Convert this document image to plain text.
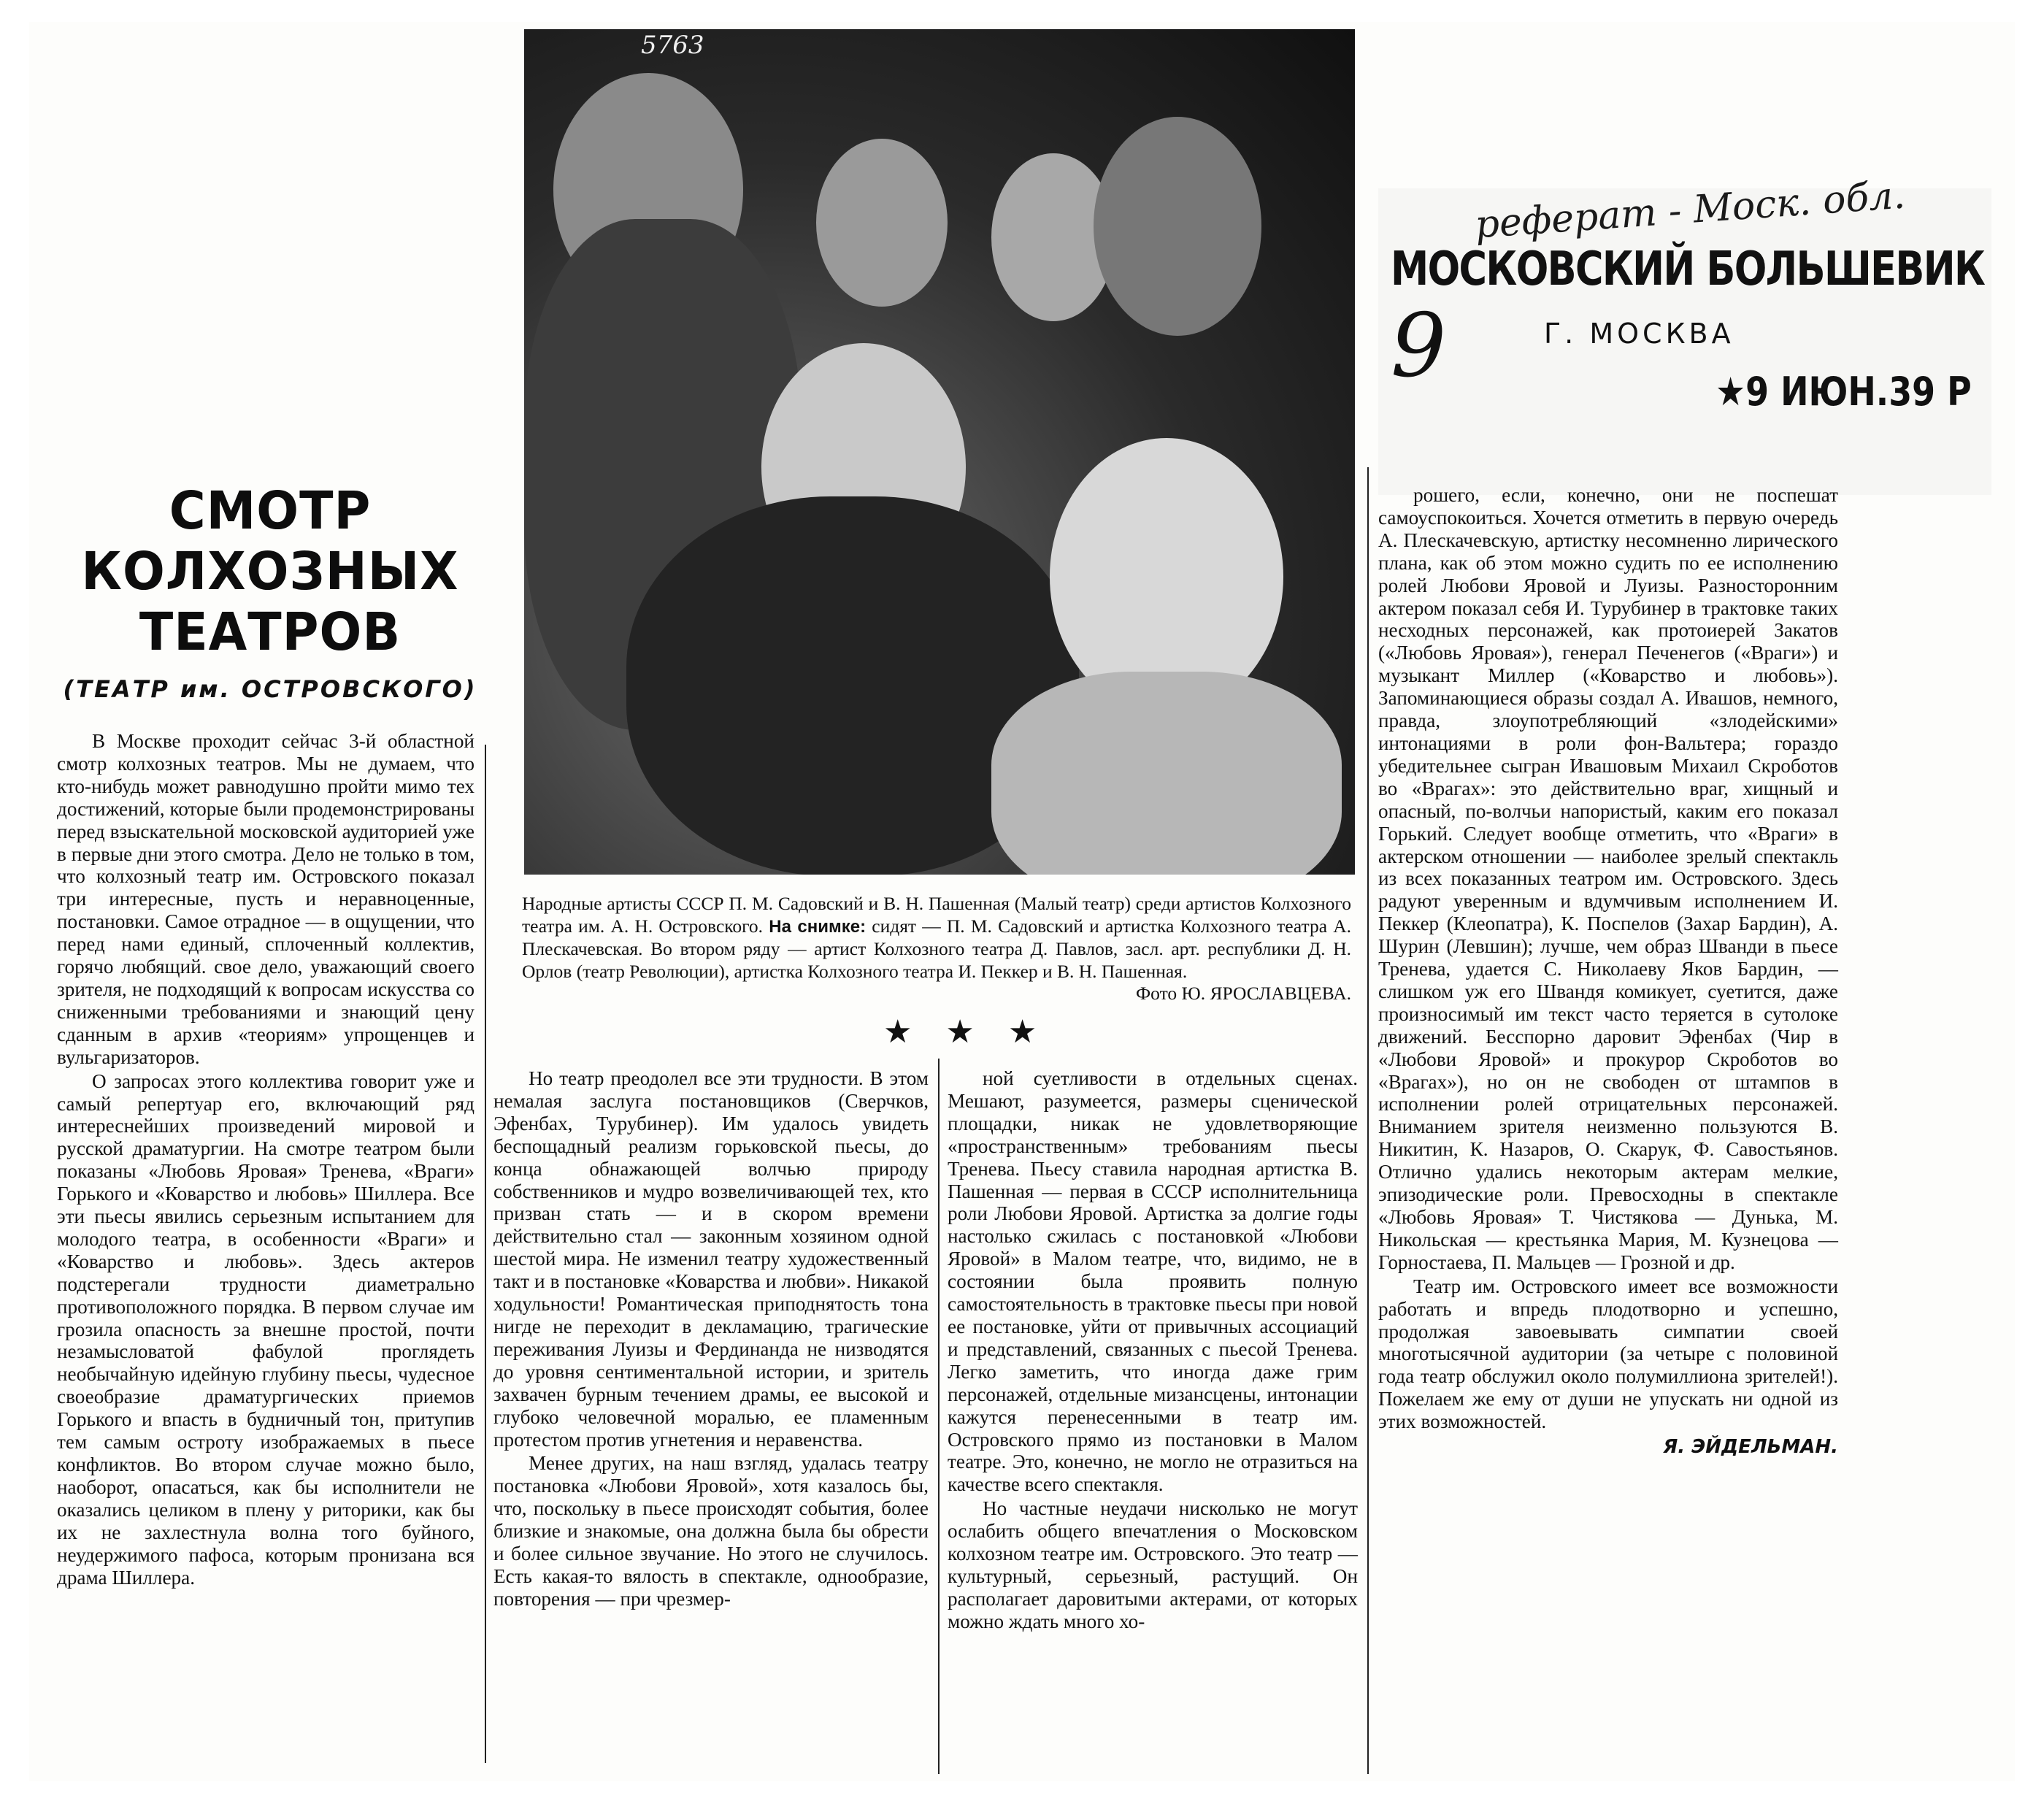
СМОТР
КОЛХОЗНЫХ
ТЕАТРОВ
(ТЕАТР им. ОСТРОВСКОГО)
5763
Народные артисты СССР П. М. Садовский и В. Н. Пашенная (Малый театр) среди артистов Колхозного театра им. А. Н. Островского. На снимке: сидят — П. М. Садовский и артистка Колхозного театра А. Плескачевская. Во втором ряду — артист Колхозного театра Д. Павлов, засл. арт. республики Д. Н. Орлов (театр Революции), артистка Колхозного театра И. Пеккер и В. Н. Пашенная.
Фото Ю. ЯРОСЛАВЦЕВА.
★ ★ ★
реферат - Моск. обл.
МОСКОВСКИЙ БОЛЬШЕВИК
9	Г. МОСКВА
★9 ИЮН.39 Р

В Москве проходит сейчас 3-й областной смотр колхозных театров. Мы не думаем, что кто-нибудь может равнодушно пройти мимо тех достижений, которые были продемонстрированы перед взыскательной московской аудиторией уже в первые дни этого смотра. Дело не только в том, что колхозный театр им. Островского показал три интересные, пусть и неравноценные, постановки. Самое отрадное — в ощущении, что перед нами единый, сплоченный коллектив, горячо любящий. свое дело, уважающий своего зрителя, не подходящий к вопросам искусства со сниженными требованиями и знающий цену сданным в архив «теориям» упрощенцев и вульгаризаторов.

О запросах этого коллектива говорит уже и самый репертуар его, включающий ряд интереснейших произведений мировой и русской драматургии. На смотре театром были показаны «Любовь Яровая» Тренева, «Враги» Горького и «Коварство и любовь» Шиллера. Все эти пьесы явились серьезным испытанием для молодого театра, в особенности «Враги» и «Коварство и любовь». Здесь актеров подстерегали трудности диаметрально противоположного порядка. В первом случае им грозила опасность за внешне простой, почти незамысловатой фабулой проглядеть необычайную идейную глубину пьесы, чудесное своеобразие драматургических приемов Горького и впасть в будничный тон, притупив тем самым остроту изображаемых в пьесе конфликтов. Во втором случае можно было, наоборот, опасаться, как бы исполнители не оказались целиком в плену у риторики, как бы их не захлестнула волна того буйного, неудержимого пафоса, которым пронизана вся драма Шиллера.

Но театр преодолел все эти трудности. В этом немалая заслуга постановщиков (Сверчков, Эфенбах, Турубинер). Им удалось увидеть беспощадный реализм горьковской пьесы, до конца обнажающей волчью природу собственников и мудро возвеличивающей тех, кто призван стать — и в скором времени действительно стал — законным хозяином одной шестой мира. Не изменил театру художественный такт и в постановке «Коварства и любви». Никакой ходульности! Романтическая приподнятость тона нигде не переходит в декламацию, трагические переживания Луизы и Фердинанда не низводятся до уровня сентиментальной истории, и зритель захвачен бурным течением драмы, ее высокой и глубоко человечной моралью, ее пламенным протестом против угнетения и неравенства.

Менее других, на наш взгляд, удалась театру постановка «Любови Яровой», хотя казалось бы, что, поскольку в пьесе происходят события, более близкие и знакомые, она должна была бы обрести и более сильное звучание. Но этого не случилось. Есть какая-то вялость в спектакле, однообразие, повторения — при чрезмер-

ной суетливости в отдельных сценах. Мешают, разумеется, размеры сценической площадки, никак не удовлетворяющие «пространственным» требованиям пьесы Тренева. Пьесу ставила народная артистка В. Пашенная — первая в СССР исполнительница роли Любови Яровой. Артистка за долгие годы настолько сжилась с постановкой «Любови Яровой» в Малом театре, что, видимо, не в состоянии была проявить полную самостоятельность в трактовке пьесы при новой ее постановке, уйти от привычных ассоциаций и представлений, связанных с пьесой Тренева. Легко заметить, что иногда даже грим персонажей, отдельные мизансцены, интонации кажутся перенесенными в театр им. Островского прямо из постановки в Малом театре. Это, конечно, не могло не отразиться на качестве всего спектакля.

Но частные неудачи нисколько не могут ослабить общего впечатления о Московском колхозном театре им. Островского. Это театр — культурный, серьезный, растущий. Он располагает даровитыми актерами, от которых можно ждать много хо-

рошего, если, конечно, они не поспешат самоуспокоиться. Хочется отметить в первую очередь А. Плескачевскую, артистку несомненно лирического плана, как об этом можно судить по ее исполнению ролей Любови Яровой и Луизы. Разносторонним актером показал себя И. Турубинер в трактовке таких несходных персонажей, как протоиерей Закатов («Любовь Яровая»), генерал Печенегов («Враги») и музыкант Миллер («Коварство и любовь»). Запоминающиеся образы создал А. Ивашов, немного, правда, злоупотребляющий «злодейскими» интонациями в роли фон-Вальтера; гораздо убедительнее сыгран Ивашовым Михаил Скроботов во «Врагах»: это действительно враг, хищный и опасный, по-волчьи напористый, каким его показал Горький. Следует вообще отметить, что «Враги» в актерском отношении — наиболее зрелый спектакль из всех показанных театром им. Островского. Здесь радуют уверенным и вдумчивым исполнением И. Пеккер (Клеопатра), К. Поспелов (Захар Бардин), А. Шурин (Левшин); лучше, чем образ Шванди в пьесе Тренева, удается С. Николаеву Яков Бардин, — слишком уж его Швандя комикует, суетится, даже произносимый им текст часто теряется в сутолоке движений. Бесспорно даровит Эфенбах (Чир в «Любови Яровой» и прокурор Скроботов во «Врагах»), но он не свободен от штампов в исполнении ролей отрицательных персонажей. Вниманием зрителя неизменно пользуются В. Никитин, К. Назаров, О. Скарук, Ф. Савостьянов. Отлично удались некоторым актерам мелкие, эпизодические роли. Превосходны в спектакле «Любовь Яровая» Т. Чистякова — Дунька, М. Никольская — крестьянка Мария, М. Кузнецова — Горностаева, П. Мальцев — Грозной и др.

Театр им. Островского имеет все возможности работать и впредь плодотворно и успешно, продолжая завоевывать симпатии своей многотысячной аудитории (за четыре с половиной года театр обслужил около полумиллиона зрителей!). Пожелаем же ему от души не упускать ни одной из этих возможностей.

Я. ЭЙДЕЛЬМАН.
